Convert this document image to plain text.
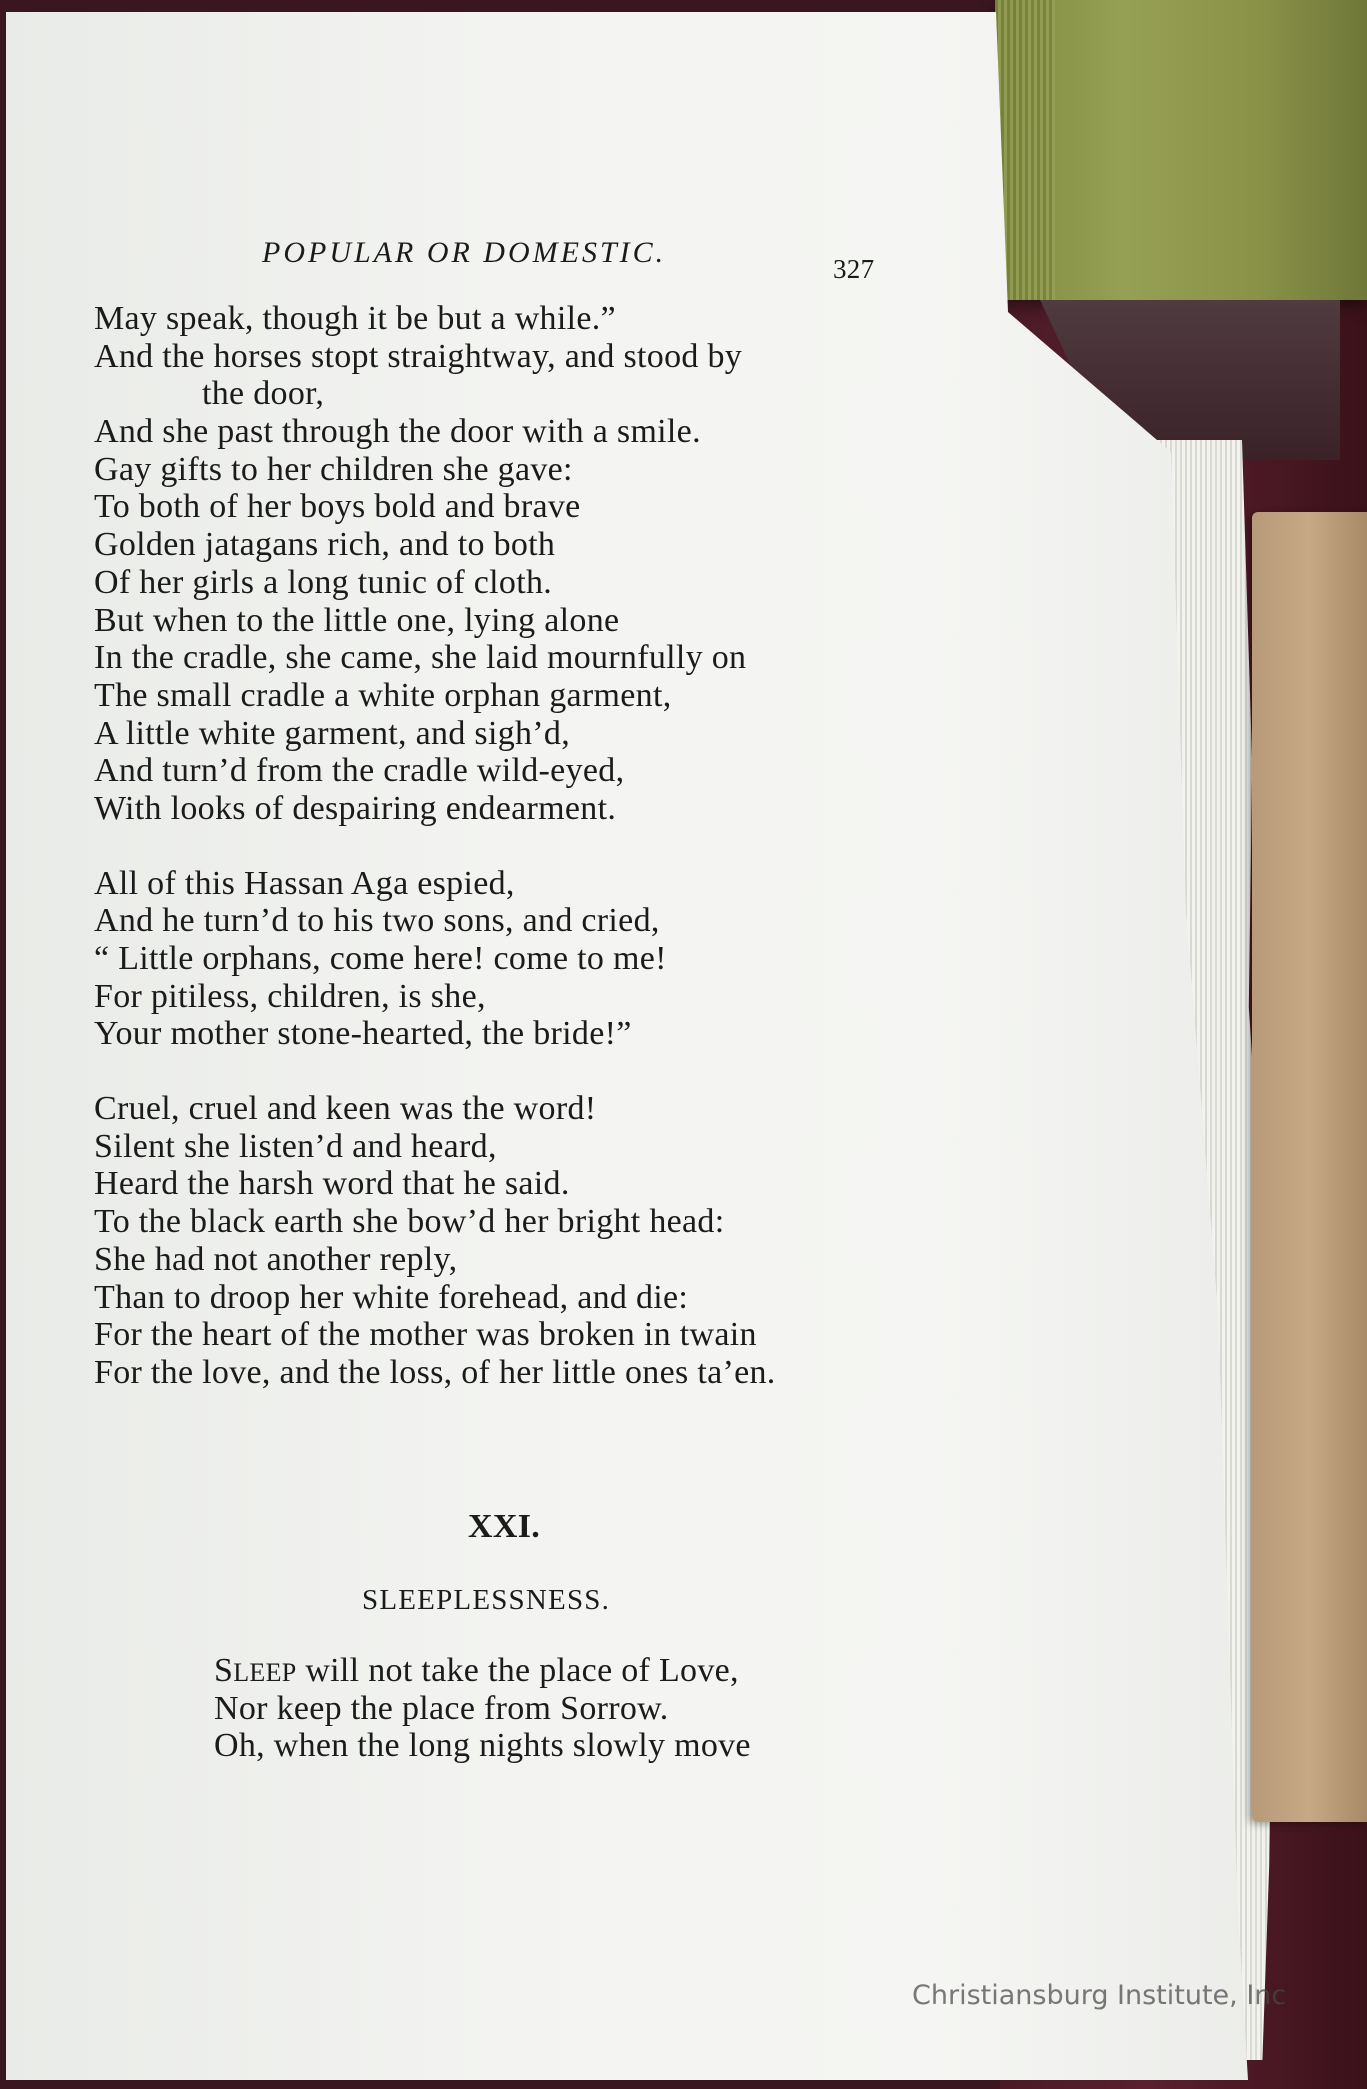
POPULAR OR DOMESTIC.	327
May speak, though it be but a while.”
And the horses stopt straightway, and stood by
the door,
And she past through the door with a smile.
Gay gifts to her children she gave:
To both of her boys bold and brave
Golden jatagans rich, and to both
Of her girls a long tunic of cloth.
But when to the little one, lying alone
In the cradle, she came, she laid mournfully on
The small cradle a white orphan garment,
A little white garment, and sigh’d,
And turn’d from the cradle wild-eyed,
With looks of despairing endearment.
All of this Hassan Aga espied,
And he turn’d to his two sons, and cried,
“ Little orphans, come here! come to me!
For pitiless, children, is she,
Your mother stone-hearted, the bride!”
Cruel, cruel and keen was the word!
Silent she listen’d and heard,
Heard the harsh word that he said.
To the black earth she bow’d her bright head:
She had not another reply,
Than to droop her white forehead, and die:
For the heart of the mother was broken in twain
For the love, and the loss, of her little ones ta’en.
XXI.
SLEEPLESSNESS.
SLEEP will not take the place of Love,
Nor keep the place from Sorrow.
Oh, when the long nights slowly move
Christiansburg Institute, Inc
